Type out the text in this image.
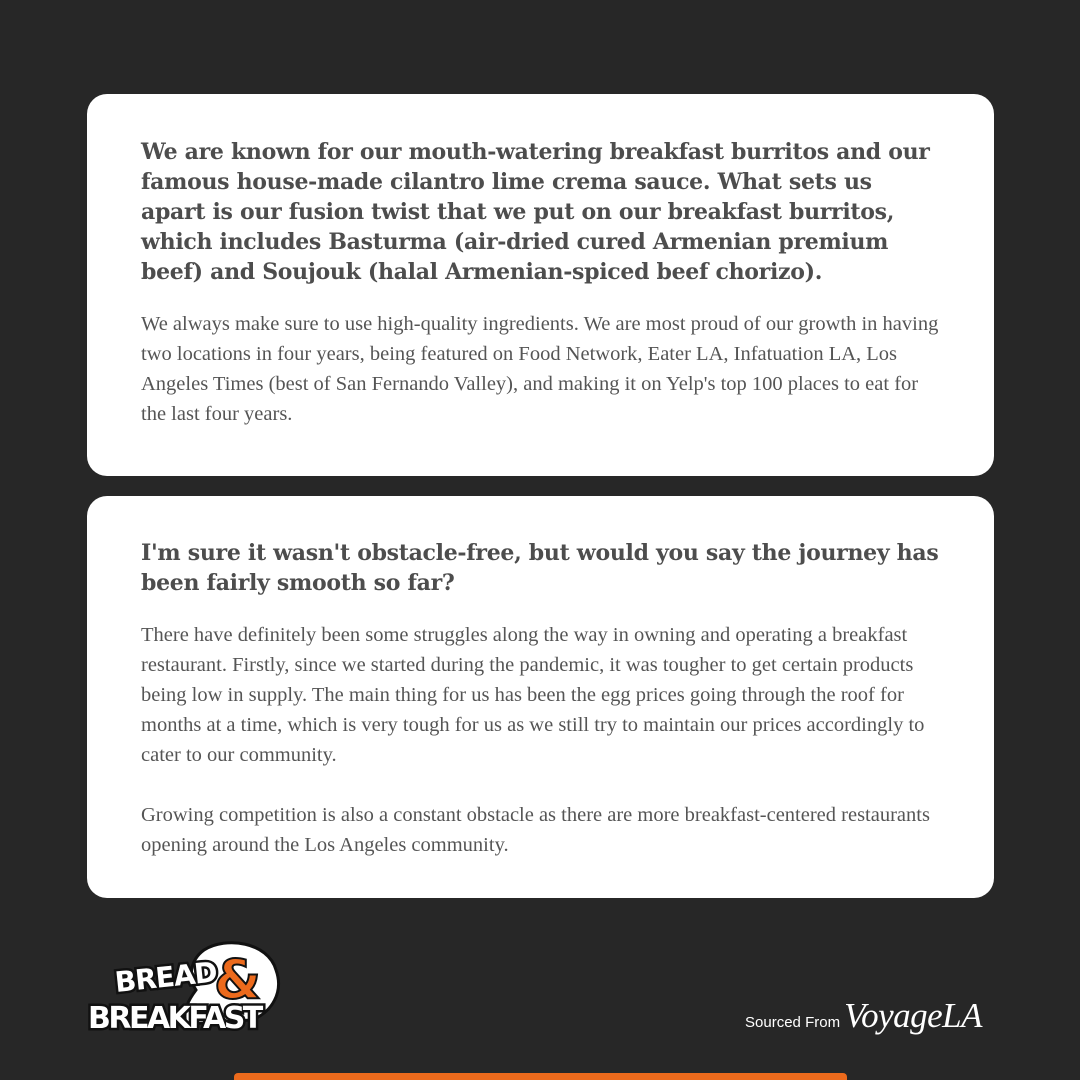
We are known for our mouth-watering breakfast burritos and our famous house-made cilantro lime crema sauce. What sets us apart is our fusion twist that we put on our breakfast burritos, which includes Basturma (air-dried cured Armenian premium beef) and Soujouk (halal Armenian-spiced beef chorizo).

We always make sure to use high-quality ingredients. We are most proud of our growth in having two locations in four years, being featured on Food Network, Eater LA, Infatuation LA, Los Angeles Times (best of San Fernando Valley), and making it on Yelp's top 100 places to eat for the last four years.

I'm sure it wasn't obstacle-free, but would you say the journey has been fairly smooth so far?

There have definitely been some struggles along the way in owning and operating a breakfast restaurant. Firstly, since we started during the pandemic, it was tougher to get certain products being low in supply. The main thing for us has been the egg prices going through the roof for months at a time, which is very tough for us as we still try to maintain our prices accordingly to cater to our community.

Growing competition is also a constant obstacle as there are more breakfast-centered restaurants opening around the Los Angeles community.

&
BREAD
BREAKFAST	Sourced From VoyageLA
